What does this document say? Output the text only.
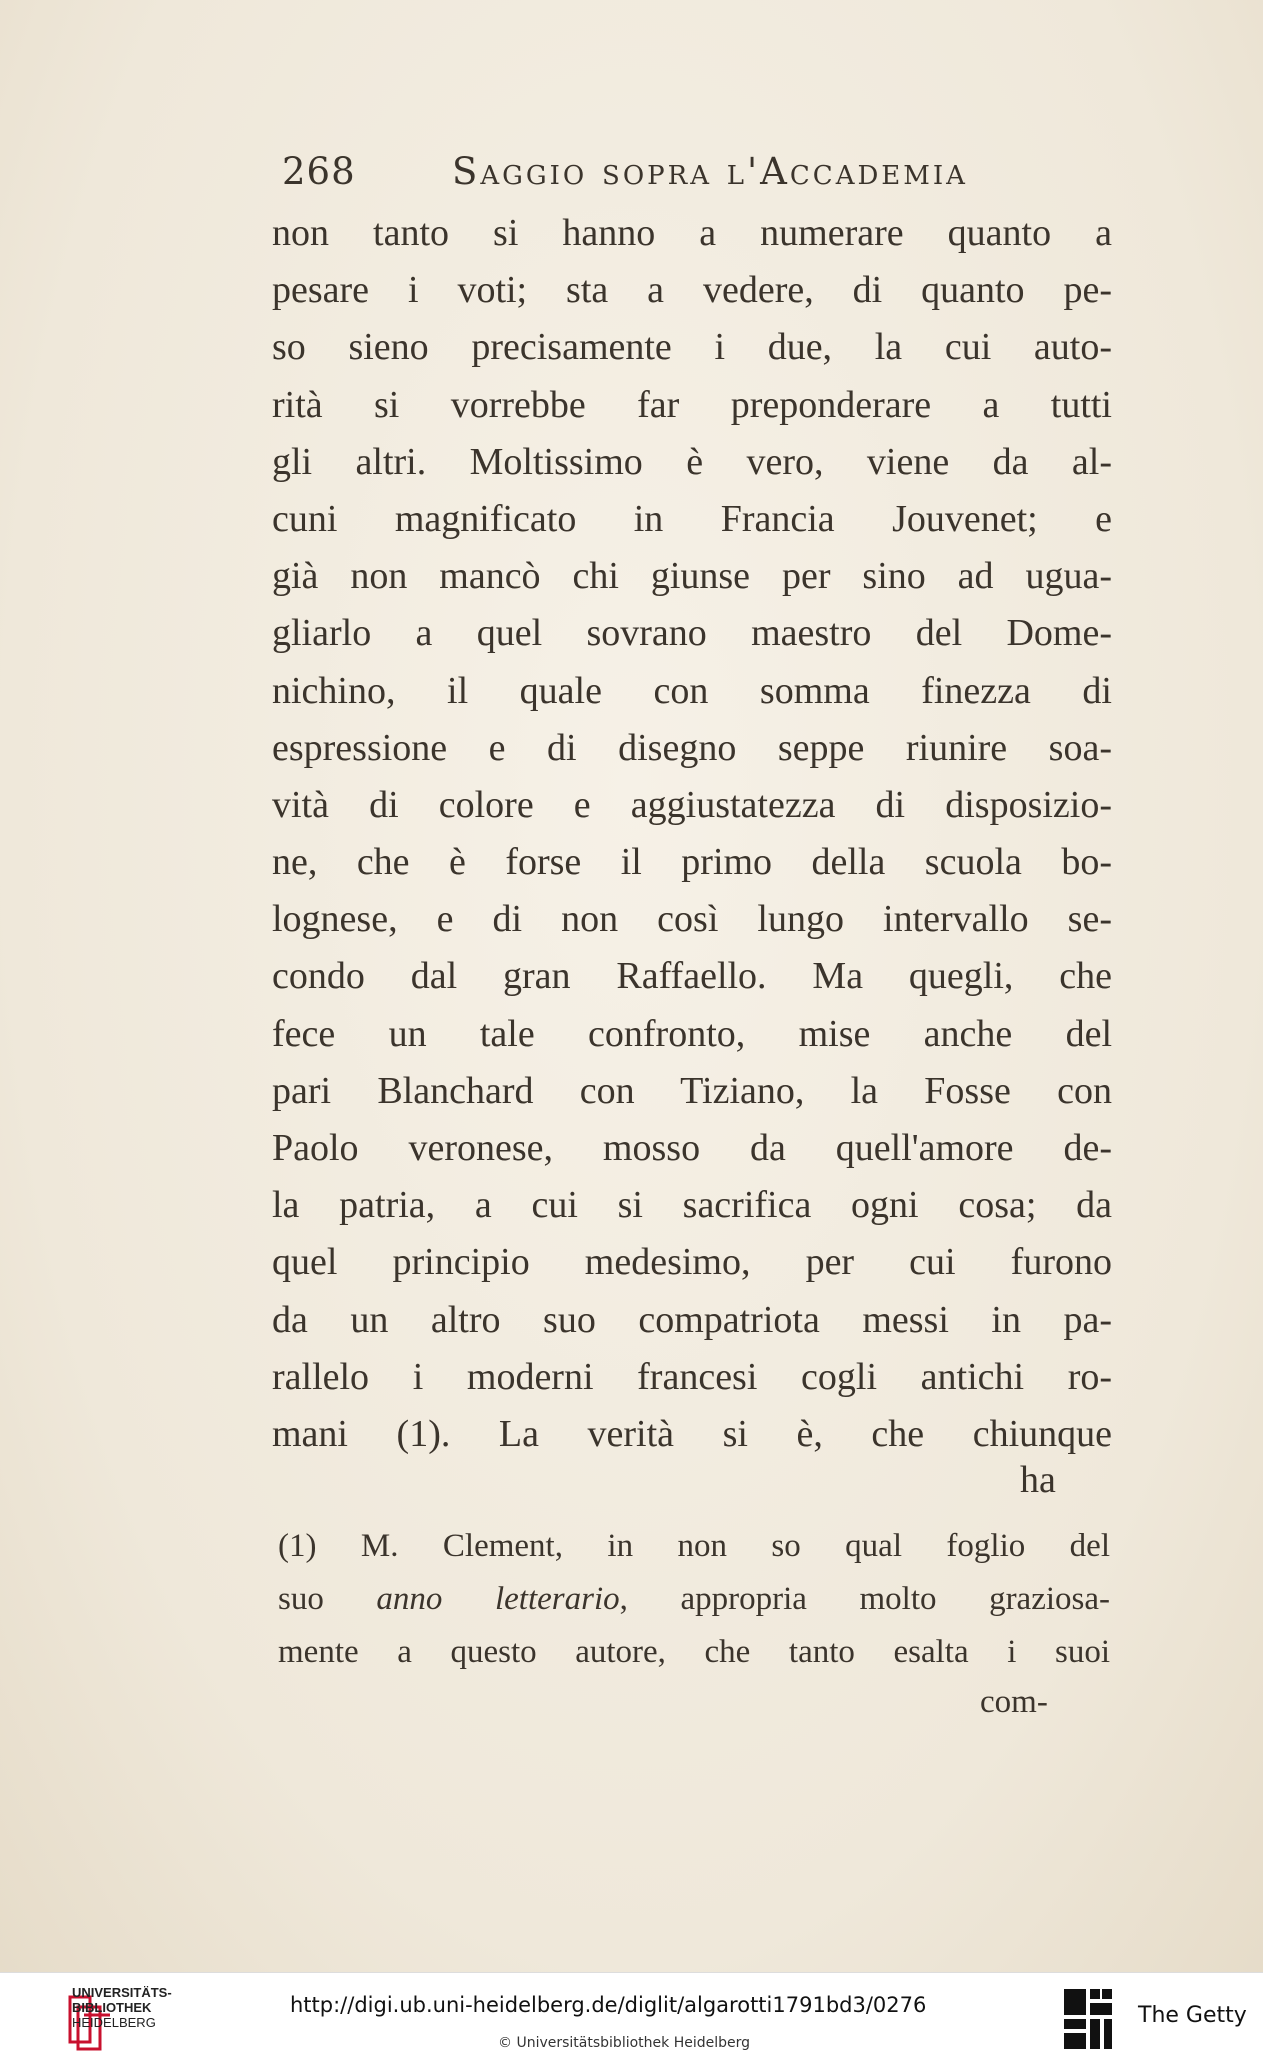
268	Saggio sopra l'Accademia
non tanto si hanno a numerare quanto a
pesare i voti; sta a vedere, di quanto pe-
so sieno precisamente i due, la cui auto-
rità si vorrebbe far preponderare a tutti
gli altri. Moltissimo è vero, viene da al-
cuni magnificato in Francia Jouvenet; e
già non mancò chi giunse per sino ad ugua-
gliarlo a quel sovrano maestro del Dome-
nichino, il quale con somma finezza di
espressione e di disegno seppe riunire soa-
vità di colore e aggiustatezza di disposizio-
ne, che è forse il primo della scuola bo-
lognese, e di non così lungo intervallo se-
condo dal gran Raffaello. Ma quegli, che
fece un tale confronto, mise anche del
pari Blanchard con Tiziano, la Fosse con
Paolo veronese, mosso da quell'amore de-
la patria, a cui si sacrifica ogni cosa; da
quel principio medesimo, per cui furono
da un altro suo compatriota messi in pa-
rallelo i moderni francesi cogli antichi ro-
mani (1). La verità si è, che chiunque
ha
(1) M. Clement, in non so qual foglio del
suo anno letterario, appropria molto graziosa-
mente a questo autore, che tanto esalta i suoi
com-
UNIVERSITÄTS-
BIBLIOTHEK
HEIDELBERG
http://digi.ub.uni-heidelberg.de/diglit/algarotti1791bd3/0276
© Universitätsbibliothek Heidelberg
The Getty
